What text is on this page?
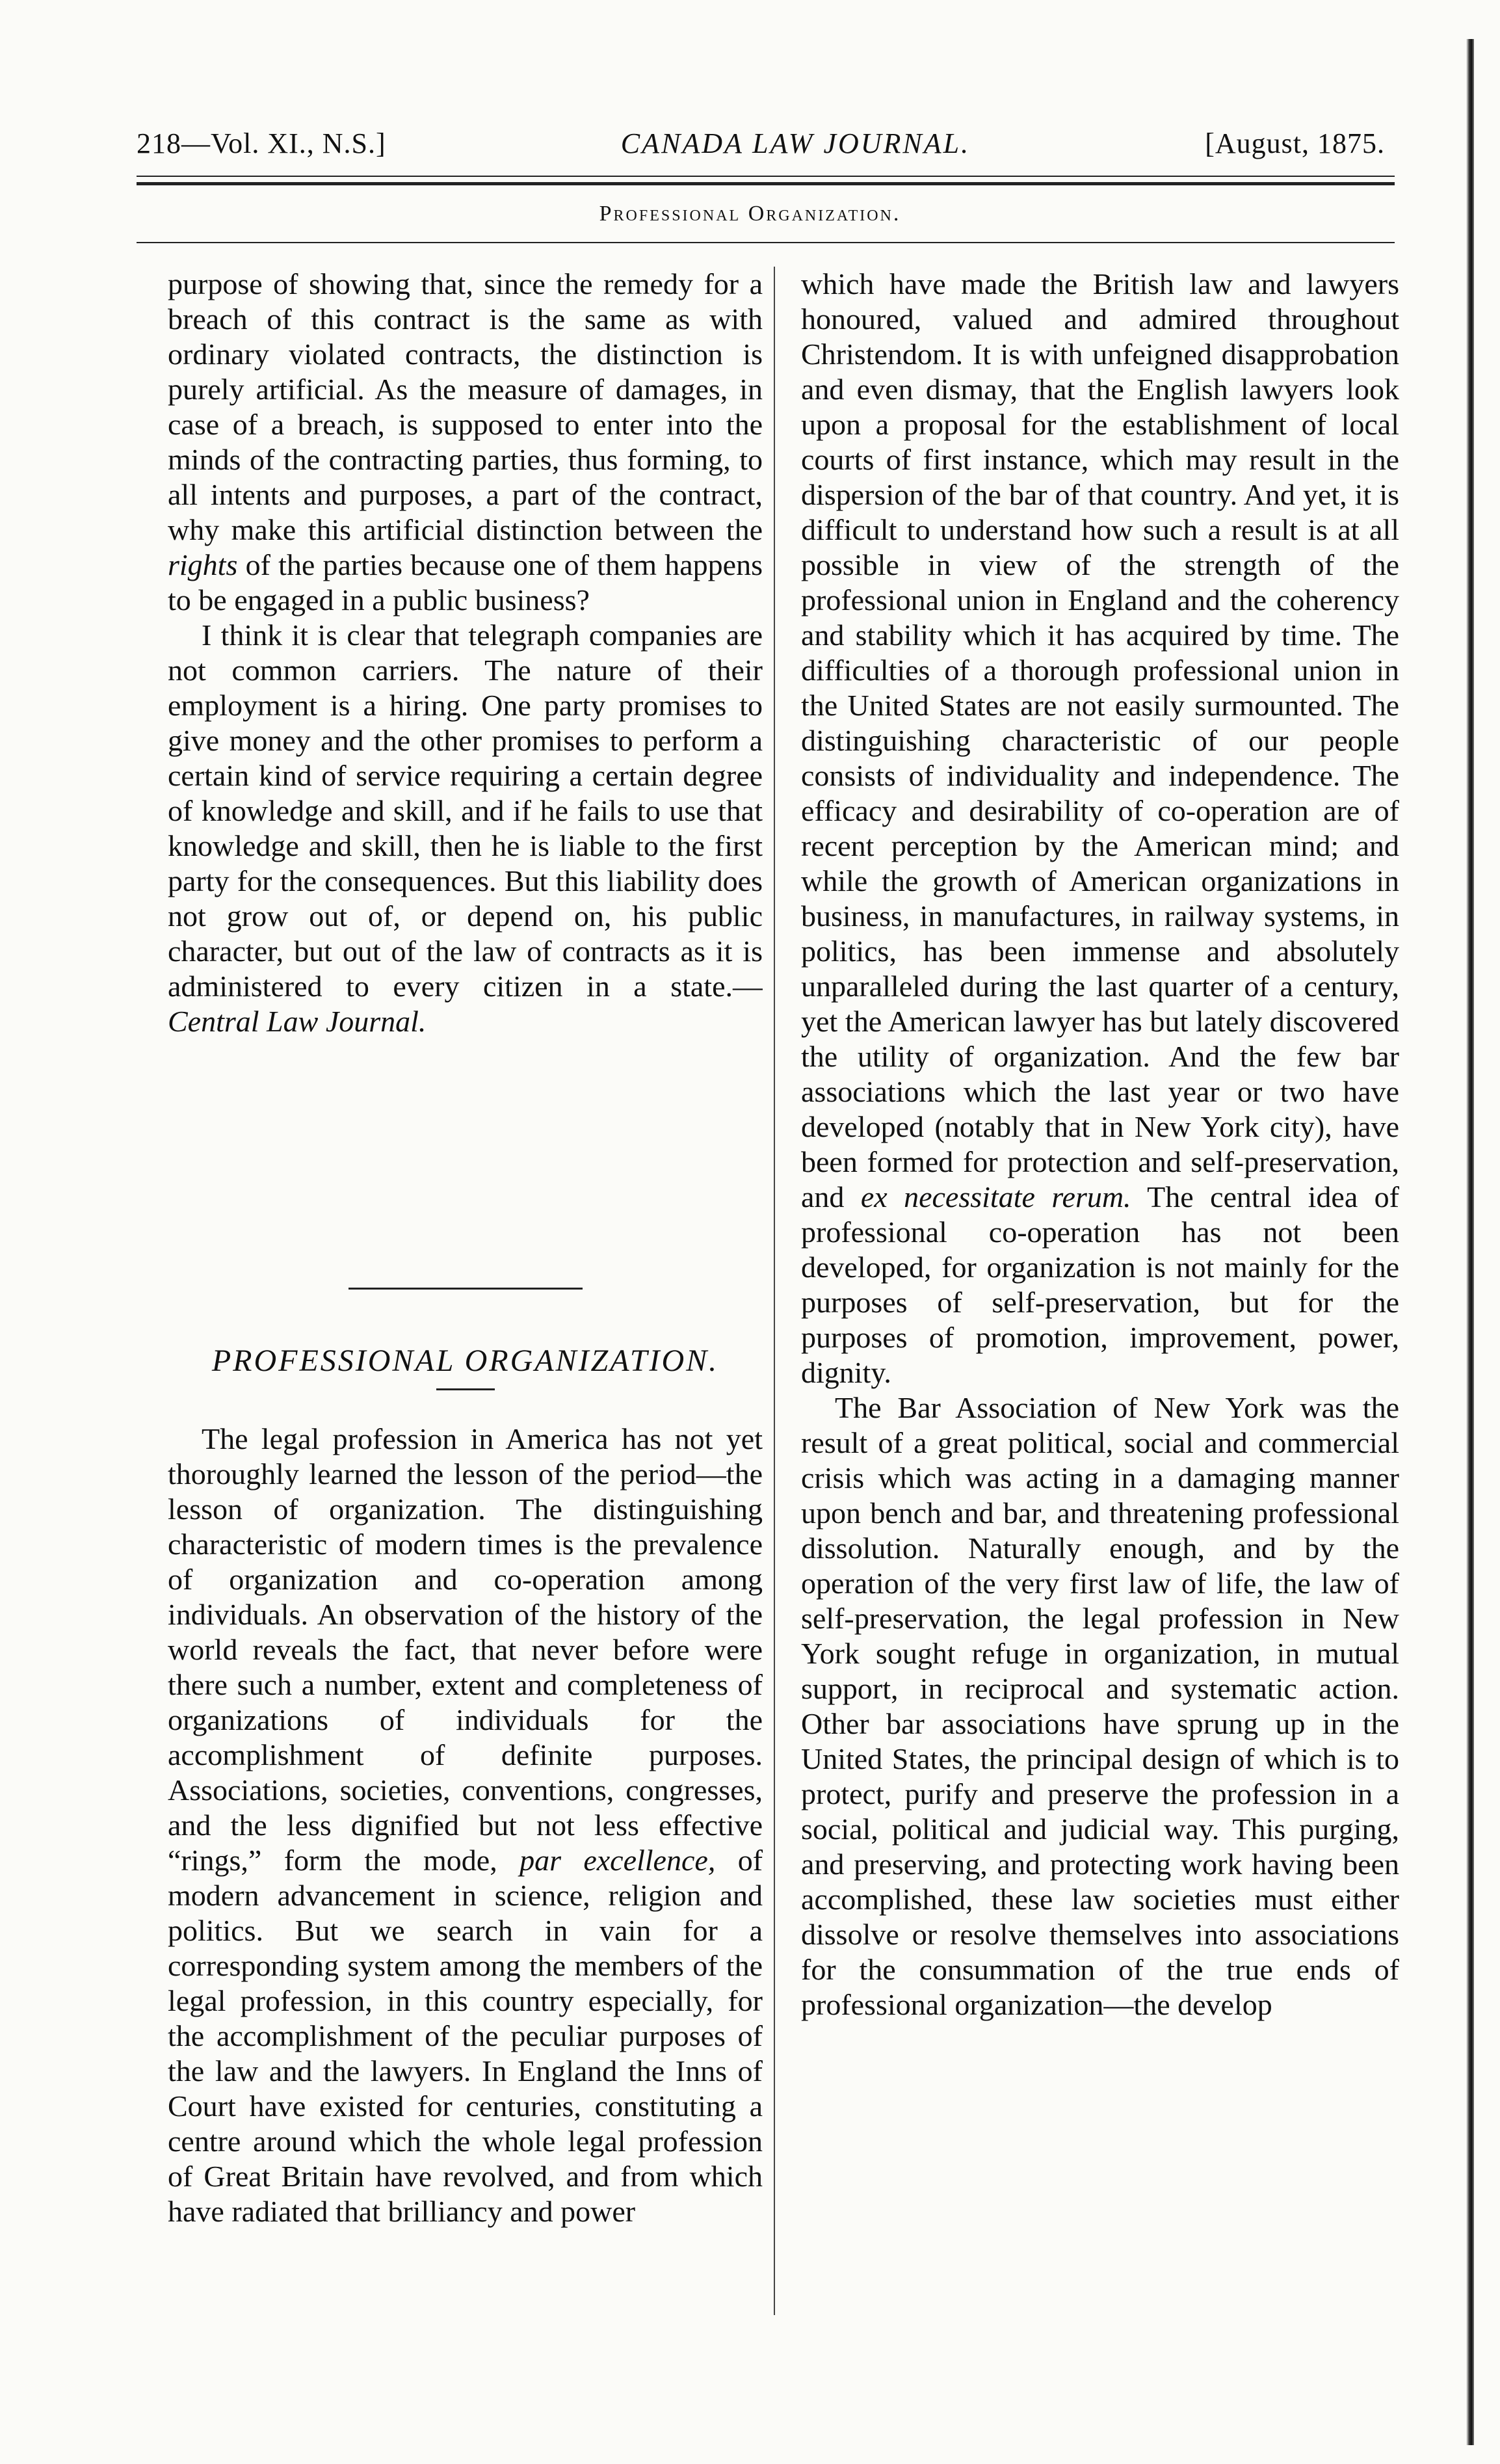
218—Vol. XI., N.S.]	CANADA LAW JOURNAL.	[August, 1875.
Professional Organization.

purpose of showing that, since the remedy for a breach of this contract is the same as with ordinary violated contracts, the distinction is purely artificial. As the measure of damages, in case of a breach, is supposed to enter into the minds of the contracting parties, thus forming, to all intents and purposes, a part of the contract, why make this artificial distinction between the rights of the parties because one of them happens to be engaged in a public business?

I think it is clear that telegraph companies are not common carriers. The nature of their employment is a hiring. One party promises to give money and the other promises to perform a certain kind of service requiring a certain degree of knowledge and skill, and if he fails to use that knowledge and skill, then he is liable to the first party for the consequences. But this liability does not grow out of, or depend on, his public character, but out of the law of contracts as it is administered to every citizen in a state.— Central Law Journal.

PROFESSIONAL ORGANIZATION.

The legal profession in America has not yet thoroughly learned the lesson of the period—the lesson of organization. The distinguishing characteristic of modern times is the prevalence of organization and co-operation among individuals. An observation of the history of the world reveals the fact, that never before were there such a number, extent and completeness of organizations of individuals for the accomplishment of definite purposes. Associations, societies, conventions, congresses, and the less dignified but not less effective “rings,” form the mode, par excellence, of modern advancement in science, religion and politics. But we search in vain for a corresponding system among the members of the legal profession, in this country especially, for the accomplishment of the peculiar purposes of the law and the lawyers. In England the Inns of Court have existed for centuries, constituting a centre around which the whole legal profession of Great Britain have revolved, and from which have radiated that brilliancy and power

which have made the British law and lawyers honoured, valued and admired throughout Christendom. It is with unfeigned disapprobation and even dismay, that the English lawyers look upon a proposal for the establishment of local courts of first instance, which may result in the dispersion of the bar of that country. And yet, it is difficult to understand how such a result is at all possible in view of the strength of the professional union in England and the coherency and stability which it has acquired by time. The difficulties of a thorough professional union in the United States are not easily surmounted. The distinguishing characteristic of our people consists of individuality and independence. The efficacy and desirability of co-operation are of recent perception by the American mind; and while the growth of American organizations in business, in manufactures, in railway systems, in politics, has been immense and absolutely unparalleled during the last quarter of a century, yet the American lawyer has but lately discovered the utility of organization. And the few bar associations which the last year or two have developed (notably that in New York city), have been formed for protection and self-preservation, and ex necessitate rerum. The central idea of professional co-operation has not been developed, for organization is not mainly for the purposes of self-preservation, but for the purposes of promotion, improvement, power, dignity.

The Bar Association of New York was the result of a great political, social and commercial crisis which was acting in a damaging manner upon bench and bar, and threatening professional dissolution. Naturally enough, and by the operation of the very first law of life, the law of self-preservation, the legal profession in New York sought refuge in organization, in mutual support, in reciprocal and systematic action. Other bar associations have sprung up in the United States, the principal design of which is to protect, purify and preserve the profession in a social, political and judicial way. This purging, and preserving, and protecting work having been accomplished, these law societies must either dissolve or resolve themselves into associations for the consummation of the true ends of professional organization—the develop
